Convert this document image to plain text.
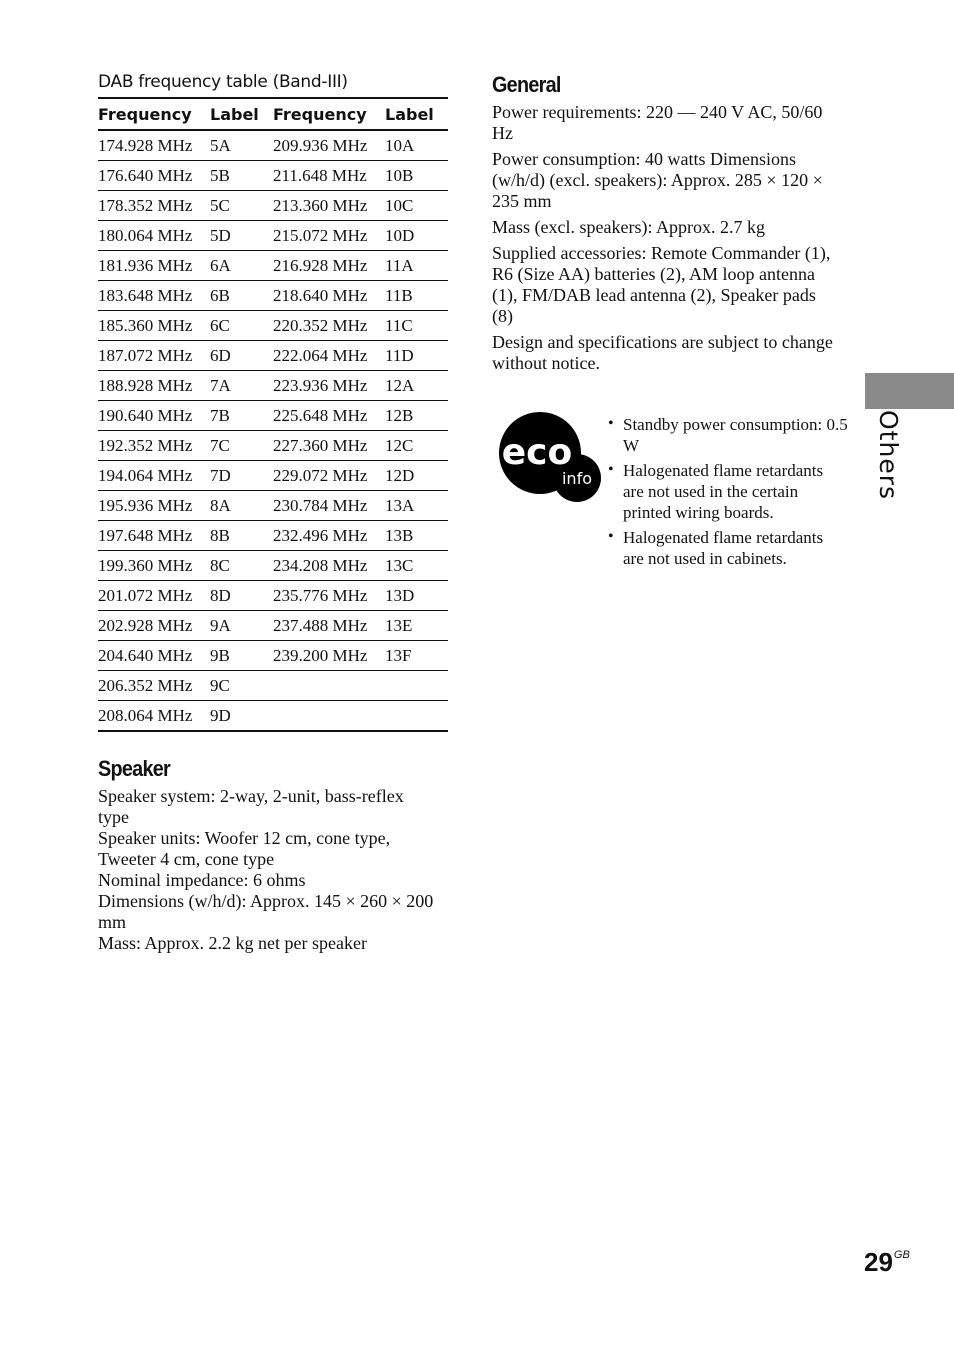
DAB frequency table (Band-III)
Frequency	Label	Frequency	Label
174.928 MHz	5A	209.936 MHz	10A
176.640 MHz	5B	211.648 MHz	10B
178.352 MHz	5C	213.360 MHz	10C
180.064 MHz	5D	215.072 MHz	10D
181.936 MHz	6A	216.928 MHz	11A
183.648 MHz	6B	218.640 MHz	11B
185.360 MHz	6C	220.352 MHz	11C
187.072 MHz	6D	222.064 MHz	11D
188.928 MHz	7A	223.936 MHz	12A
190.640 MHz	7B	225.648 MHz	12B
192.352 MHz	7C	227.360 MHz	12C
194.064 MHz	7D	229.072 MHz	12D
195.936 MHz	8A	230.784 MHz	13A
197.648 MHz	8B	232.496 MHz	13B
199.360 MHz	8C	234.208 MHz	13C
201.072 MHz	8D	235.776 MHz	13D
202.928 MHz	9A	237.488 MHz	13E
204.640 MHz	9B	239.200 MHz	13F
206.352 MHz	9C		
208.064 MHz	9D		
Speaker

Speaker system: 2-way, 2-unit, bass-reflex type

Speaker units: Woofer 12 cm, cone type, Tweeter 4 cm, cone type

Nominal impedance: 6 ohms

Dimensions (w/h/d): Approx. 145 × 260 × 200 mm

Mass: Approx. 2.2 kg net per speaker

General

Power requirements: 220 — 240 V AC, 50/60 Hz

Power consumption: 40 watts Dimensions (w/h/d) (excl. speakers): Approx. 285 × 120 × 235 mm

Mass (excl. speakers): Approx. 2.7 kg

Supplied accessories: Remote Commander (1), R6 (Size AA) batteries (2), AM loop antenna (1), FM/DAB lead antenna (2), Speaker pads (8)

Design and specifications are subject to change without notice.

eco
info
• Standby power consumption: 0.5 W
• Halogenated flame retardants are not used in the certain printed wiring boards.
• Halogenated flame retardants are not used in cabinets.
Others
$29^{GB}$
